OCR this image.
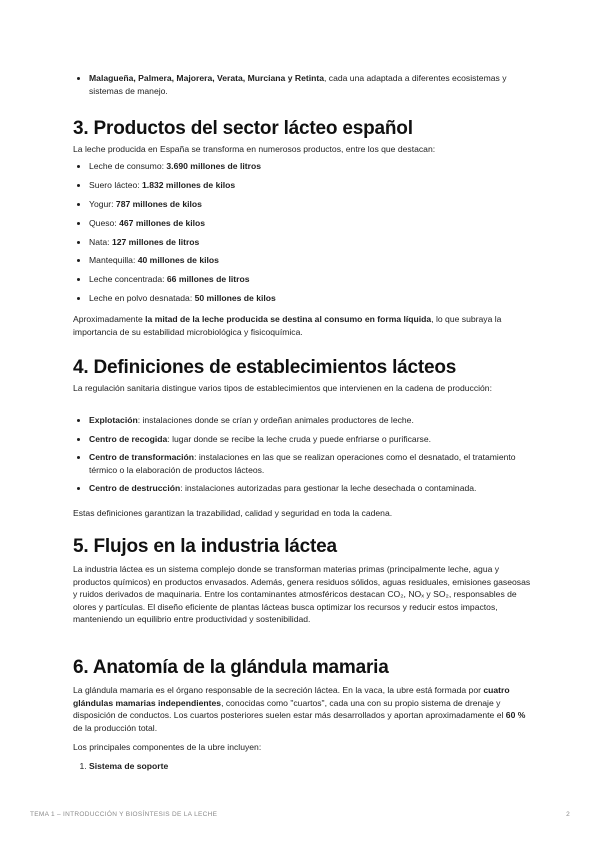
• Malagueña, Palmera, Majorera, Verata, Murciana y Retinta, cada una adaptada a diferentes ecosistemas y sistemas de manejo.
3. Productos del sector lácteo español

La leche producida en España se transforma en numerosos productos, entre los que destacan:

• Leche de consumo: 3.690 millones de litros
• Suero lácteo: 1.832 millones de kilos
• Yogur: 787 millones de kilos
• Queso: 467 millones de kilos
• Nata: 127 millones de litros
• Mantequilla: 40 millones de kilos
• Leche concentrada: 66 millones de litros
• Leche en polvo desnatada: 50 millones de kilos

Aproximadamente la mitad de la leche producida se destina al consumo en forma líquida, lo que subraya la importancia de su estabilidad microbiológica y fisicoquímica.

4. Definiciones de establecimientos lácteos

La regulación sanitaria distingue varios tipos de establecimientos que intervienen en la cadena de producción:

• Explotación: instalaciones donde se crían y ordeñan animales productores de leche.
• Centro de recogida: lugar donde se recibe la leche cruda y puede enfriarse o purificarse.
• Centro de transformación: instalaciones en las que se realizan operaciones como el desnatado, el tratamiento térmico o la elaboración de productos lácteos.
• Centro de destrucción: instalaciones autorizadas para gestionar la leche desechada o contaminada.

Estas definiciones garantizan la trazabilidad, calidad y seguridad en toda la cadena.

5. Flujos en la industria láctea

La industria láctea es un sistema complejo donde se transforman materias primas (principalmente leche, agua y productos químicos) en productos envasados. Además, genera residuos sólidos, aguas residuales, emisiones gaseosas y ruidos derivados de maquinaria. Entre los contaminantes atmosféricos destacan CO₂, NOₓ y SO₂, responsables de olores y partículas. El diseño eficiente de plantas lácteas busca optimizar los recursos y reducir estos impactos, manteniendo un equilibrio entre productividad y sostenibilidad.

6. Anatomía de la glándula mamaria

La glándula mamaria es el órgano responsable de la secreción láctea. En la vaca, la ubre está formada por cuatro glándulas mamarias independientes, conocidas como "cuartos", cada una con su propio sistema de drenaje y disposición de conductos. Los cuartos posteriores suelen estar más desarrollados y aportan aproximadamente el 60 % de la producción total.

Los principales componentes de la ubre incluyen:

1. Sistema de soporte
TEMA 1 – INTRODUCCIÓN Y BIOSÍNTESIS DE LA LECHE	2
